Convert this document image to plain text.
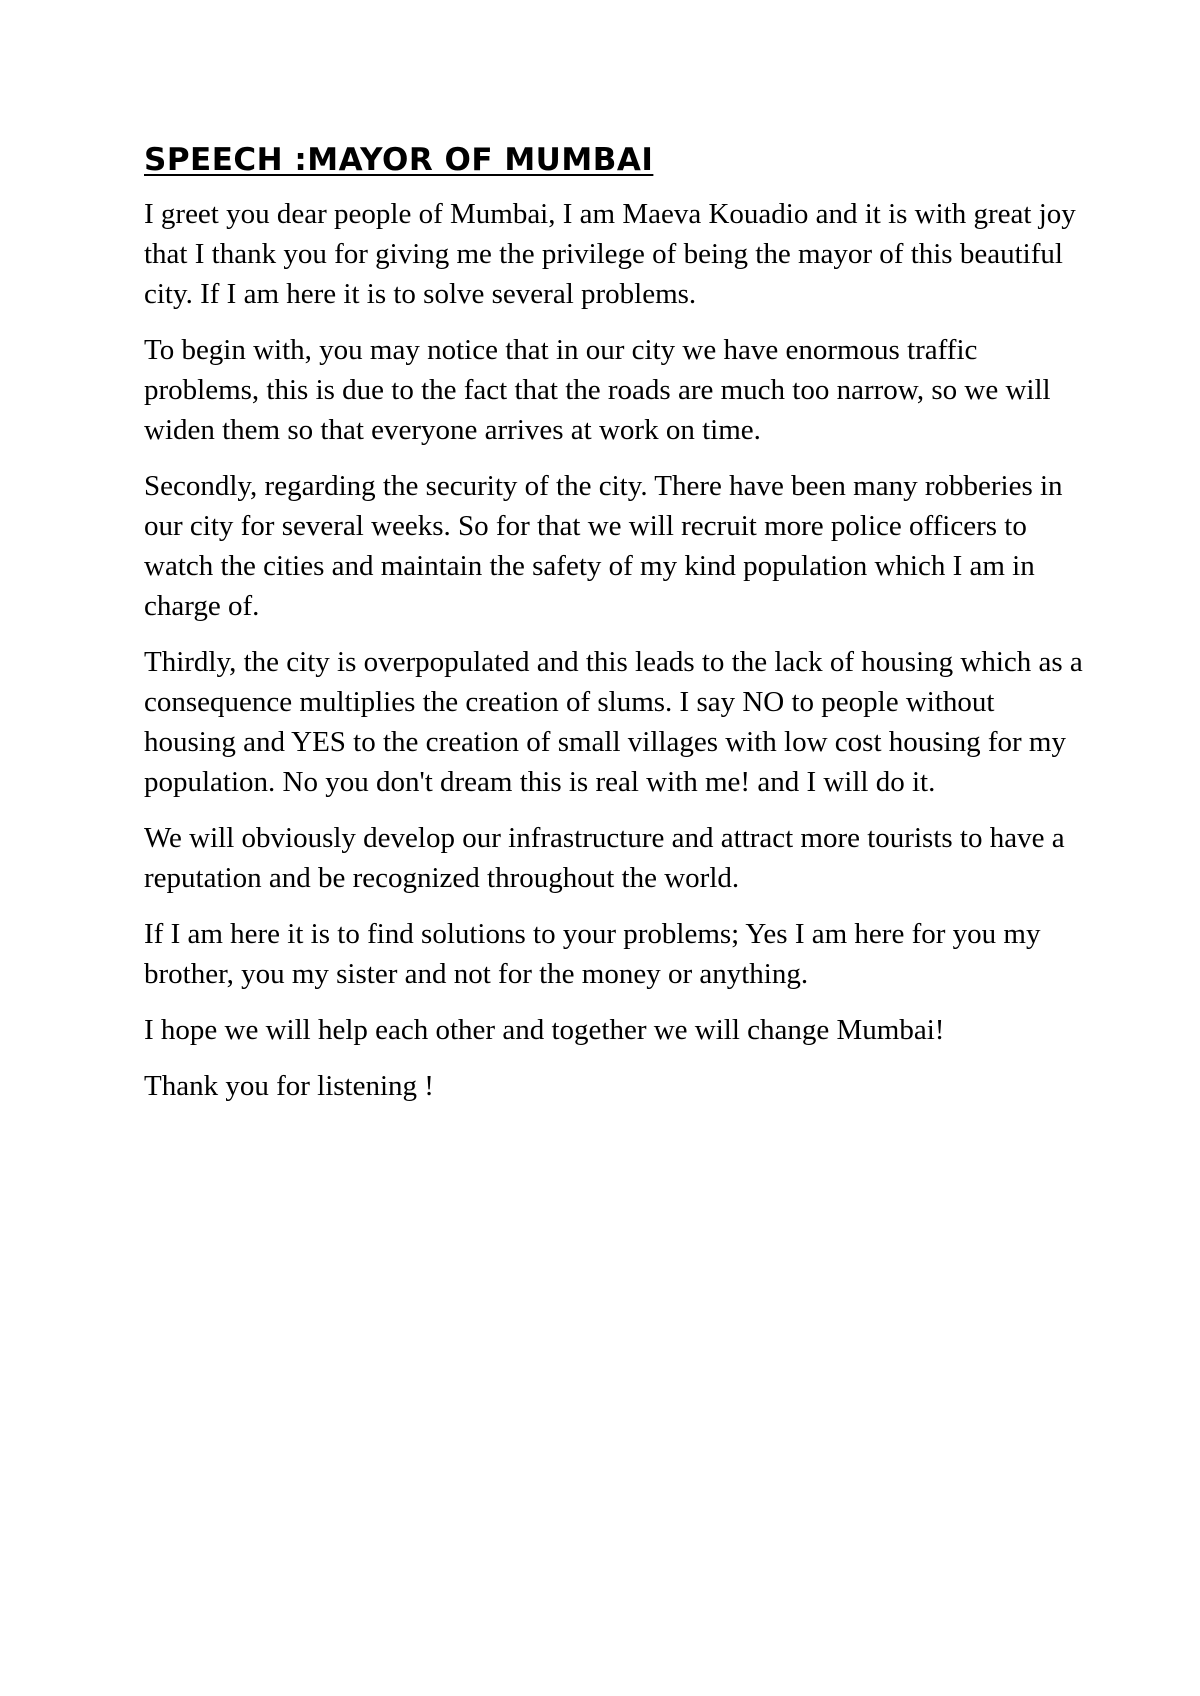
SPEECH :MAYOR OF MUMBAI

I greet you dear people of Mumbai, I am Maeva Kouadio and it is with great joy that I thank you for giving me the privilege of being the mayor of this beautiful city. If I am here it is to solve several problems.

To begin with, you may notice that in our city we have enormous traffic problems, this is due to the fact that the roads are much too narrow, so we will widen them so that everyone arrives at work on time.

Secondly, regarding the security of the city. There have been many robberies in our city for several weeks. So for that we will recruit more police officers to watch the cities and maintain the safety of my kind population which I am in charge of.

Thirdly, the city is overpopulated and this leads to the lack of housing which as a consequence multiplies the creation of slums. I say NO to people without housing and YES to the creation of small villages with low cost housing for my population. No you don't dream this is real with me! and I will do it.

We will obviously develop our infrastructure and attract more tourists to have a reputation and be recognized throughout the world.

If I am here it is to find solutions to your problems; Yes I am here for you my brother, you my sister and not for the money or anything.

I hope we will help each other and together we will change Mumbai!

Thank you for listening !
